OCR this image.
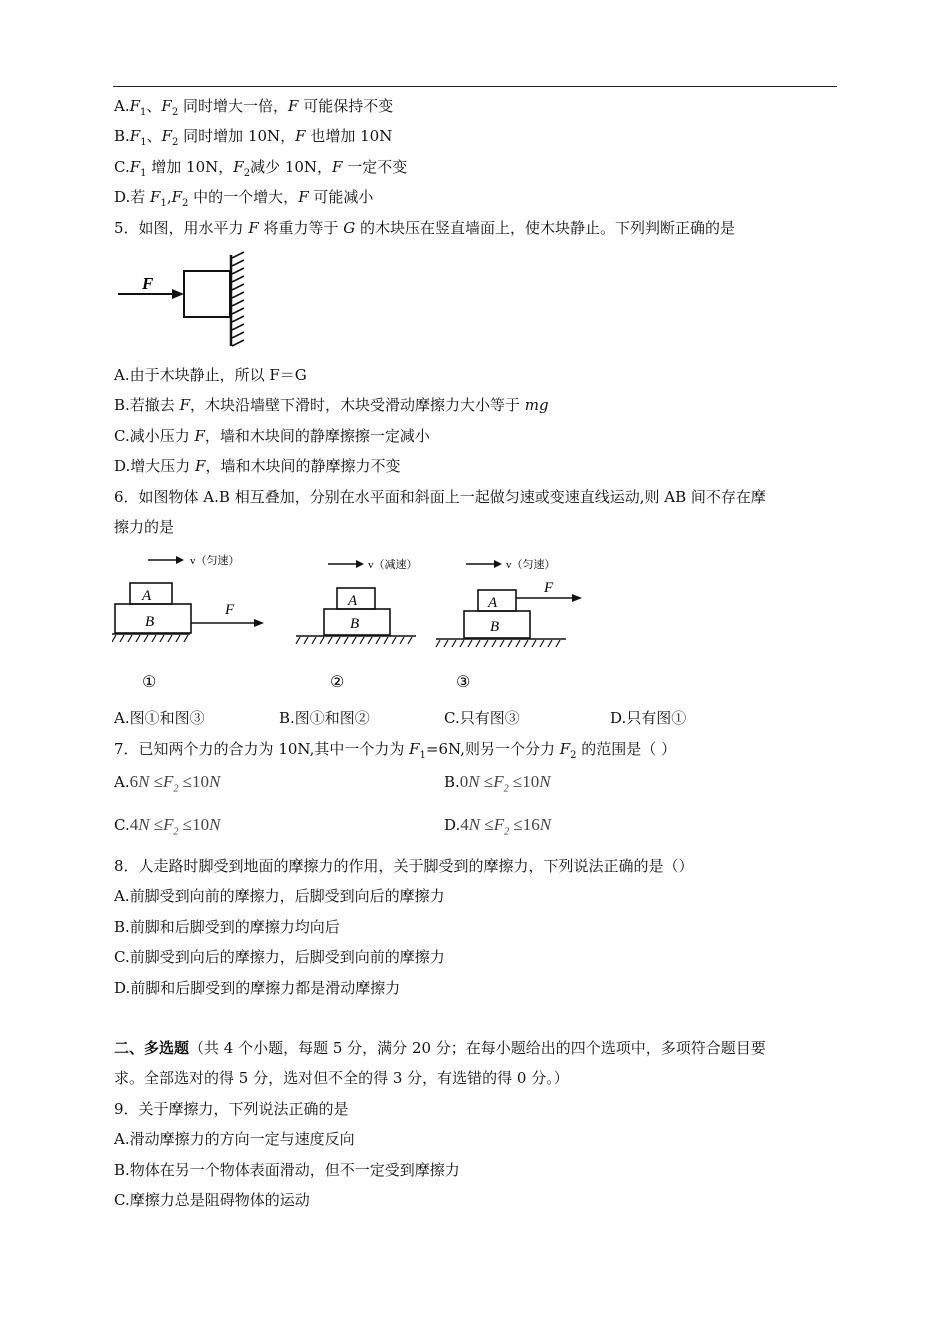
$A.F_1$、$F_2$ 同时增大一倍，F 可能保持不变
$B.F_1$、$F_2$ 同时增加 10N，F 也增加 10N
$C.F_1$ 增加 10N，$F_2$减少 10N，F 一定不变
D.若 $F_1,F_2$ 中的一个增大，F 可能减小
5．如图，用水平力 F 将重力等于 G 的木块压在竖直墙面上，使木块静止。下列判断正确的是
F
A.由于木块静止，所以 F＝G
B.若撤去 F，木块沿墙壁下滑时，木块受滑动摩擦力大小等于 mg
C.减小压力 F，墙和木块间的静摩擦擦一定减小
D.增大压力 F，墙和木块间的静摩擦力不变
6．如图物体 A.B 相互叠加，分别在水平面和斜面上一起做匀速或变速直线运动,则 AB 间不存在摩
擦力的是
v（匀速）
A
B
F
①
v（减速）
A
B
②
v（匀速）
A
F
B
③
A.图①和图③	B.图①和图②	C.只有图③	D.只有图①
7．已知两个力的合力为 10N,其中一个力为 $F_1=6N$,则另一个分力 $F_2$ 的范围是（ ）
$A.6N \le F_2 \le 10N$	$B.0N \le F_2 \le 10N$
$C.4N \le F_2 \le 10N$	$D.4N \le F_2 \le 16N$
8．人走路时脚受到地面的摩擦力的作用，关于脚受到的摩擦力，下列说法正确的是（）
A.前脚受到向前的摩擦力，后脚受到向后的摩擦力
B.前脚和后脚受到的摩擦力均向后
C.前脚受到向后的摩擦力，后脚受到向前的摩擦力
D.前脚和后脚受到的摩擦力都是滑动摩擦力
二、多选题（共 4 个小题，每题 5 分，满分 20 分；在每小题给出的四个选项中，多项符合题目要
求。全部选对的得 5 分，选对但不全的得 3 分，有选错的得 0 分。）
9．关于摩擦力，下列说法正确的是
A.滑动摩擦力的方向一定与速度反向
B.物体在另一个物体表面滑动，但不一定受到摩擦力
C.摩擦力总是阻碍物体的运动
